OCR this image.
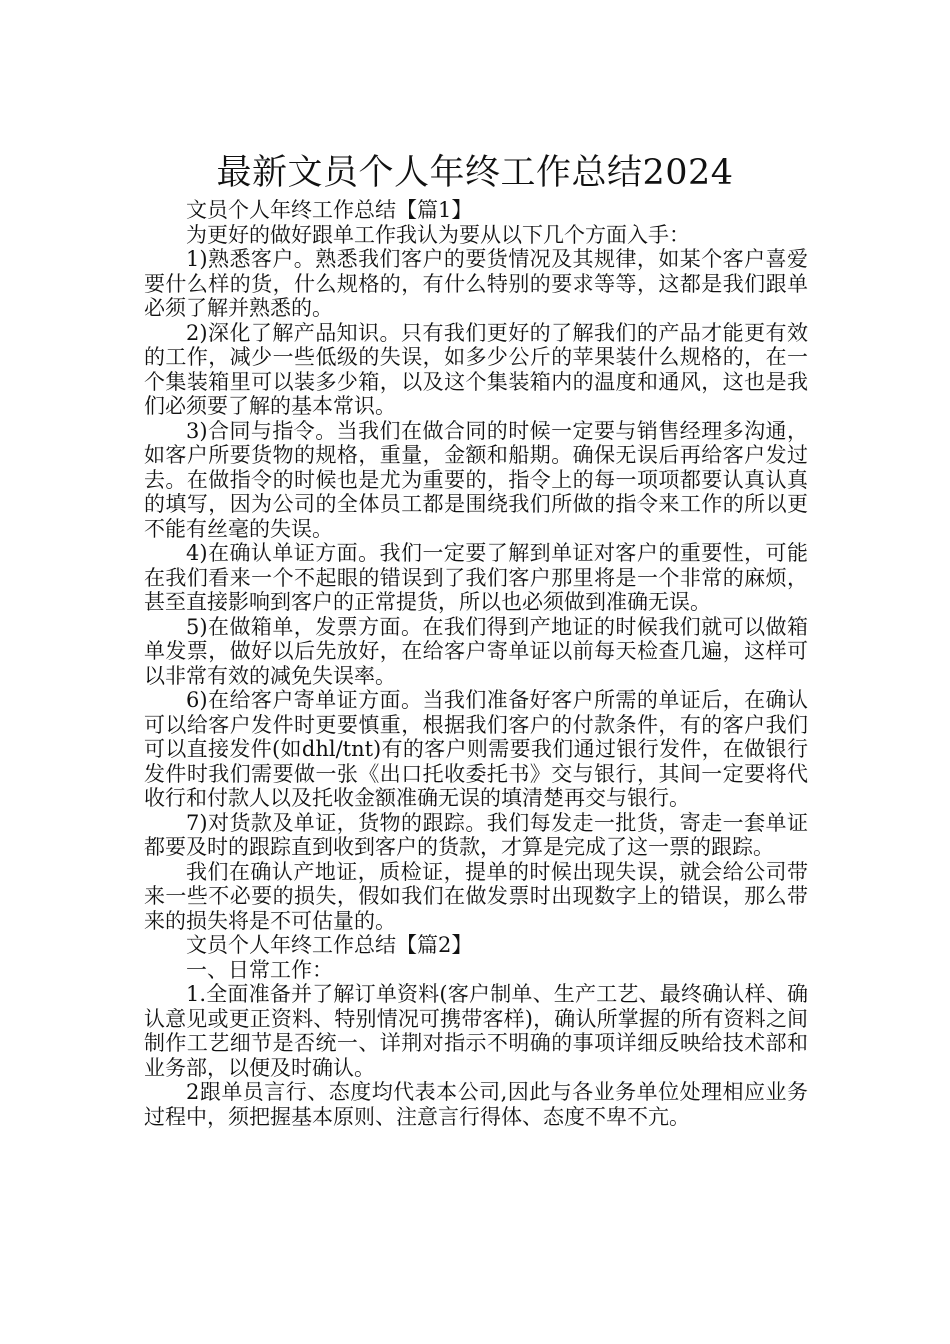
最新文员个人年终工作总结2024

文员个人年终工作总结【篇1】

为更好的做好跟单工作我认为要从以下几个方面入手：

1)熟悉客户。熟悉我们客户的要货情况及其规律，如某个客户喜爱要什么样的货，什么规格的，有什么特别的要求等等，这都是我们跟单必须了解并熟悉的。

2)深化了解产品知识。只有我们更好的了解我们的产品才能更有效的工作，减少一些低级的失误，如多少公斤的苹果装什么规格的，在一个集装箱里可以装多少箱，以及这个集装箱内的温度和通风，这也是我们必须要了解的基本常识。

3)合同与指令。当我们在做合同的时候一定要与销售经理多沟通，如客户所要货物的规格，重量，金额和船期。确保无误后再给客户发过去。在做指令的时候也是尤为重要的，指令上的每一项项都要认真认真的填写，因为公司的全体员工都是围绕我们所做的指令来工作的所以更不能有丝毫的失误。

4)在确认单证方面。我们一定要了解到单证对客户的重要性，可能在我们看来一个不起眼的错误到了我们客户那里将是一个非常的麻烦，甚至直接影响到客户的正常提货，所以也必须做到准确无误。

5)在做箱单，发票方面。在我们得到产地证的时候我们就可以做箱单发票，做好以后先放好，在给客户寄单证以前每天检查几遍，这样可以非常有效的减免失误率。

6)在给客户寄单证方面。当我们准备好客户所需的单证后，在确认可以给客户发件时更要慎重，根据我们客户的付款条件，有的客户我们可以直接发件(如dhl/tnt)有的客户则需要我们通过银行发件，在做银行发件时我们需要做一张《出口托收委托书》交与银行，其间一定要将代收行和付款人以及托收金额准确无误的填清楚再交与银行。

7)对货款及单证，货物的跟踪。我们每发走一批货，寄走一套单证都要及时的跟踪直到收到客户的货款，才算是完成了这一票的跟踪。

我们在确认产地证，质检证，提单的时候出现失误，就会给公司带来一些不必要的损失，假如我们在做发票时出现数字上的错误，那么带来的损失将是不可估量的。

文员个人年终工作总结【篇2】

一、日常工作：

1.全面准备并了解订单资料(客户制单、生产工艺、最终确认样、确认意见或更正资料、特别情况可携带客样)，确认所掌握的所有资料之间制作工艺细节是否统一、详荆对指示不明确的事项详细反映给技术部和业务部，以便及时确认。

2跟单员言行、态度均代表本公司,因此与各业务单位处理相应业务过程中，须把握基本原则、注意言行得体、态度不卑不亢。
